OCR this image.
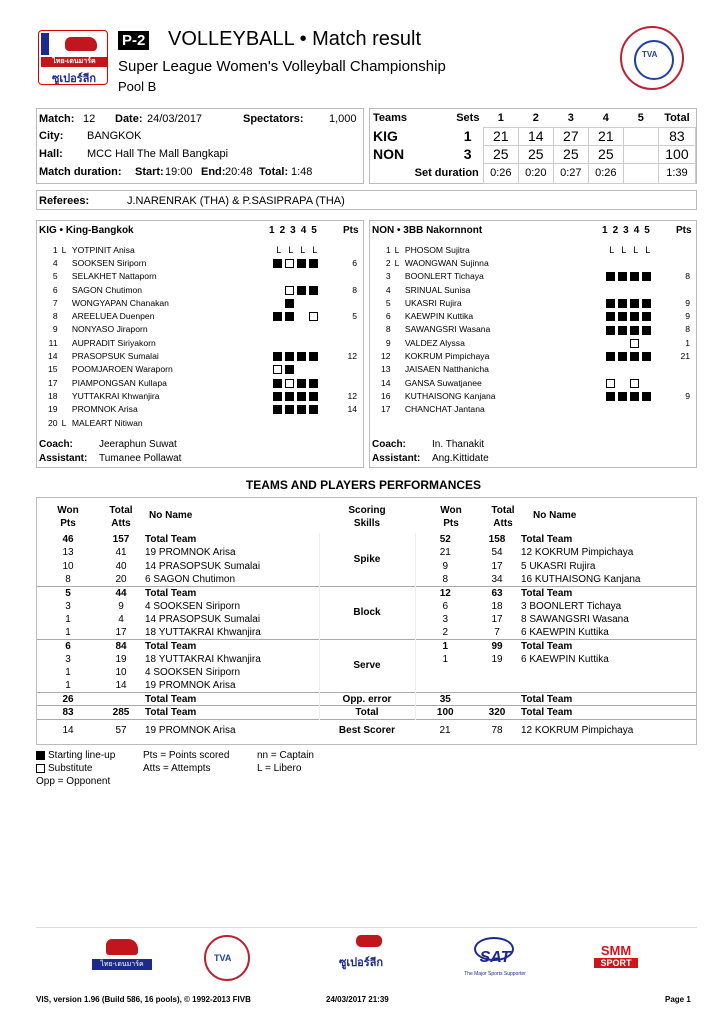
ไทย-เดนมาร์ค
ซูเปอร์ลีก
P-2 VOLLEYBALL • Match result
Super League Women's Volleyball Championship
Pool B
TVA
Match: 12 Date: 24/03/2017	Spectators: 1,000
City: BANGKOK
Hall: MCC Hall The Mall Bangkapi
Match duration: Start: 19:00 End: 20:48 Total: 1:48
Teams	Sets	1	2	3	4	5	Total
KIG	1	21	14	27	21		83
NON	3	25	25	25	25		100
Set duration		0:26	0:20	0:27	0:26		1:39
Referees:	J.NARENRAK (THA) & P.SASIPRAPA (THA)
KIG • King-Bangkok	12345 Pts
1	L	YOTPINIT Anisa	L L L L	
4		SOOKSEN Siriporn		6
5		SELAKHET Nattaporn		
6		SAGON Chutimon		8
7		WONGYAPAN Chanakan		
8		AREELUEA Duenpen		5
9		NONYASO Jiraporn		
11		AUPRADIT Siriyakorn		
14		PRASOPSUK Sumalai		12
15		POOMJAROEN Waraporn		
17		PIAMPONGSAN Kullapa		
18		YUTTAKRAI Khwanjira		12
19		PROMNOK Arisa		14
20	L	MALEART Nitiwan		
Coach:	Jeeraphun Suwat
Assistant: Tumanee Pollawat
NON • 3BB Nakornnont	12345 Pts
1	L	PHOSOM Sujitra	L L L L	
2	L	WAONGWAN Sujinna		
3		BOONLERT Tichaya		8
4		SRINUAL Sunisa		
5		UKASRI Rujira		9
6		KAEWPIN Kuttika		9
8		SAWANGSRI Wasana		8
9		VALDEZ Alyssa		1
12		KOKRUM Pimpichaya		21
13		JAISAEN Natthanicha		
14		GANSA Suwatjanee		
16		KUTHAISONG Kanjana		9
17		CHANCHAT Jantana		
Coach:	In. Thanakit
Assistant: Ang.Kittidate
TEAMS AND PLAYERS PERFORMANCES
Won
Pts
Total
Atts
No Name	Scoring
Skills
Won
Pts
Total
Atts
No Name
46	157	Total Team	Spike	52	158	Total Team
13	41	19 PROMNOK Arisa		21	54	12 KOKRUM Pimpichaya
10	40	14 PRASOPSUK Sumalai		9	17	5 UKASRI Rujira
8	20	6 SAGON Chutimon		8	34	16 KUTHAISONG Kanjana
5	44	Total Team	Block	12	63	Total Team
3	9	4 SOOKSEN Siriporn		6	18	3 BOONLERT Tichaya
1	4	14 PRASOPSUK Sumalai		3	17	8 SAWANGSRI Wasana
1	17	18 YUTTAKRAI Khwanjira		2	7	6 KAEWPIN Kuttika
6	84	Total Team	Serve	1	99	Total Team
3	19	18 YUTTAKRAI Khwanjira		1	19	6 KAEWPIN Kuttika
1	10	4 SOOKSEN Siriporn				
1	14	19 PROMNOK Arisa				
26		Total Team	Opp. error	35		Total Team
83	285	Total Team	Total	100	320	Total Team
14	57	19 PROMNOK Arisa	Best Scorer	21	78	12 KOKRUM Pimpichaya
Starting line-up
Substitute
Opp = Opponent
Pts = Points scored
Atts = Attempts
nn = Captain
L = Libero
ไทย-เดนมาร์ค
TVA	ซูเปอร์ลีก	SAT
The Major Sports Supporter
SMM
SPORT
VIS, version 1.96 (Build 586, 16 pools), © 1992-2013 FIVB	24/03/2017 21:39	Page 1
